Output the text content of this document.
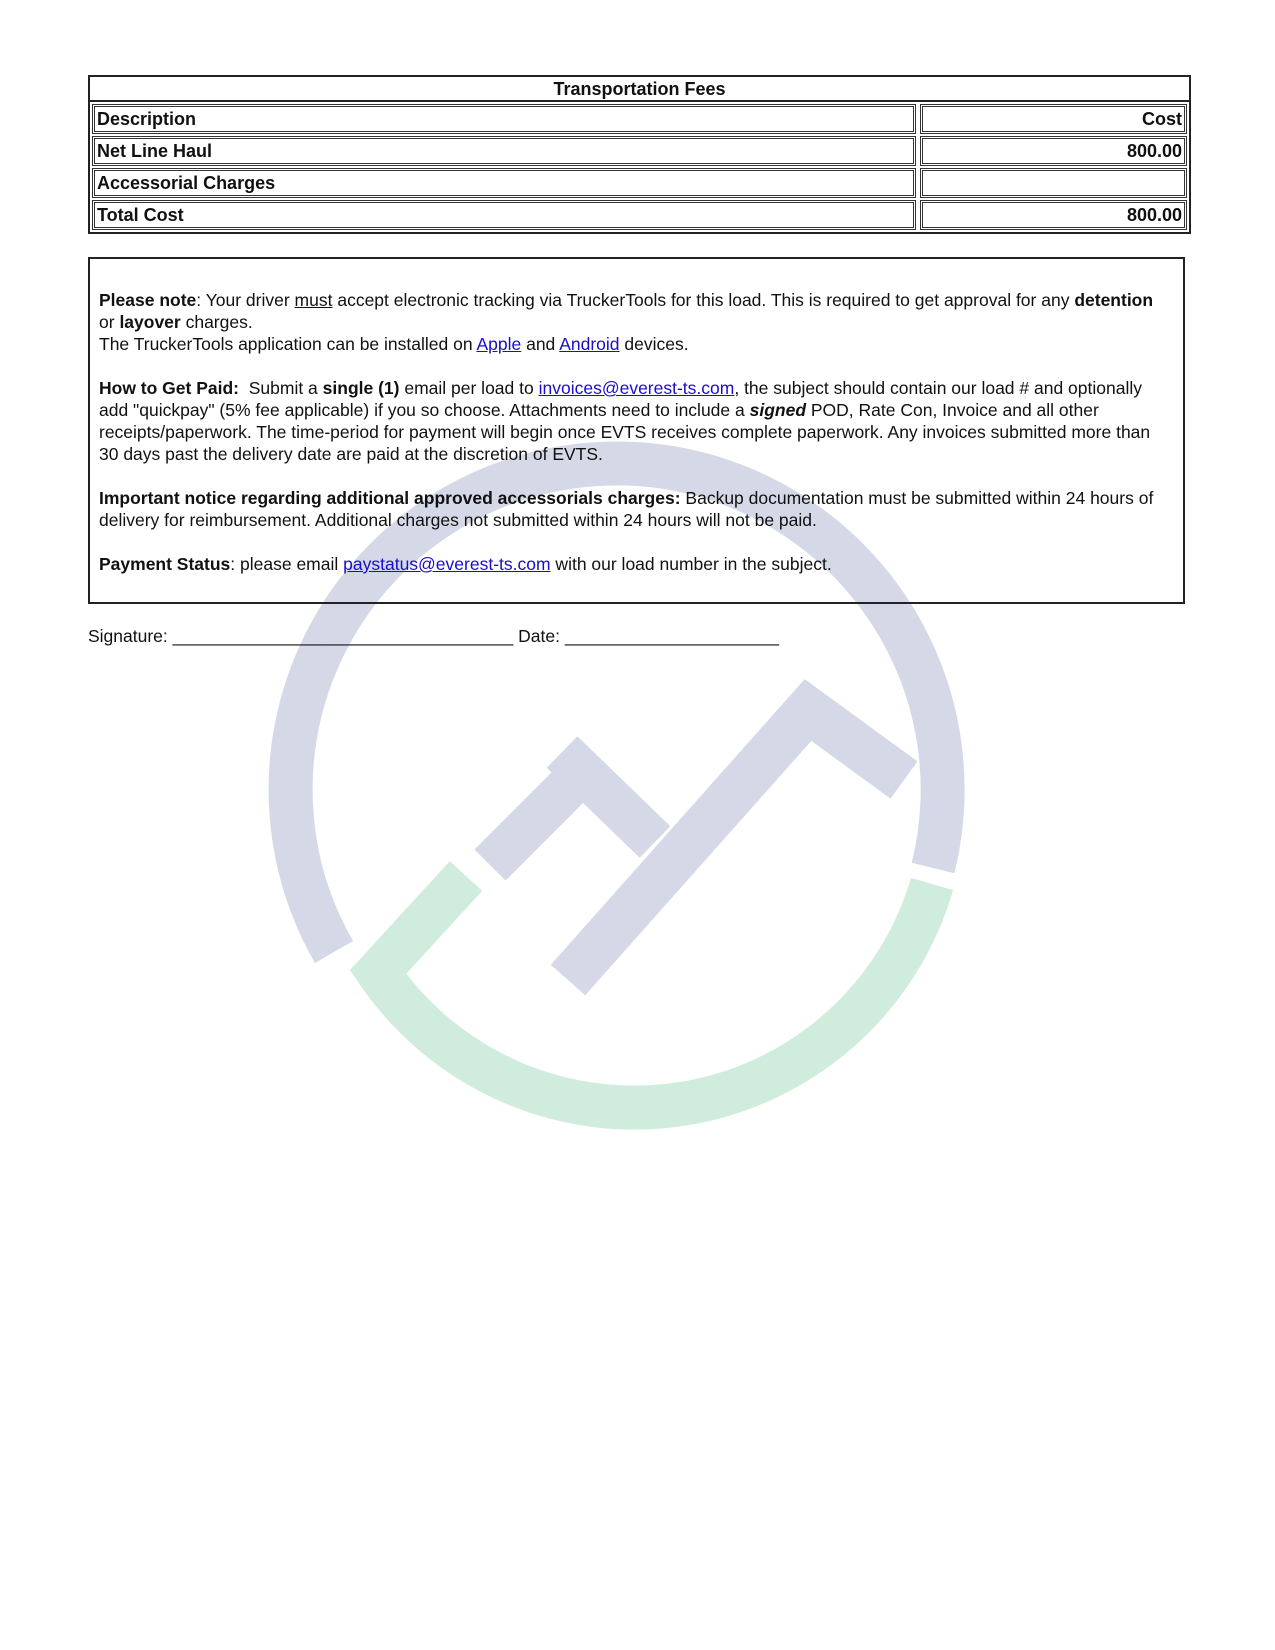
Transportation Fees
Description	Cost
Net Line Haul	800.00
Accessorial Charges
Total Cost	800.00

Please note: Your driver must accept electronic tracking via TruckerTools for this load. This is required to get approval for any detention or layover charges.
The TruckerTools application can be installed on Apple and Android devices.

How to Get Paid:  Submit a single (1) email per load to invoices@everest-ts.com, the subject should contain our load # and optionally add "quickpay" (5% fee applicable) if you so choose. Attachments need to include a signed POD, Rate Con, Invoice and all other receipts/paperwork. The time-period for payment will begin once EVTS receives complete paperwork. Any invoices submitted more than 30 days past the delivery date are paid at the discretion of EVTS.

Important notice regarding additional approved accessorials charges: Backup documentation must be submitted within 24 hours of delivery for reimbursement. Additional charges not submitted within 24 hours will not be paid.

Payment Status: please email paystatus@everest-ts.com with our load number in the subject.

Signature: ___________________________________ Date: ______________________
